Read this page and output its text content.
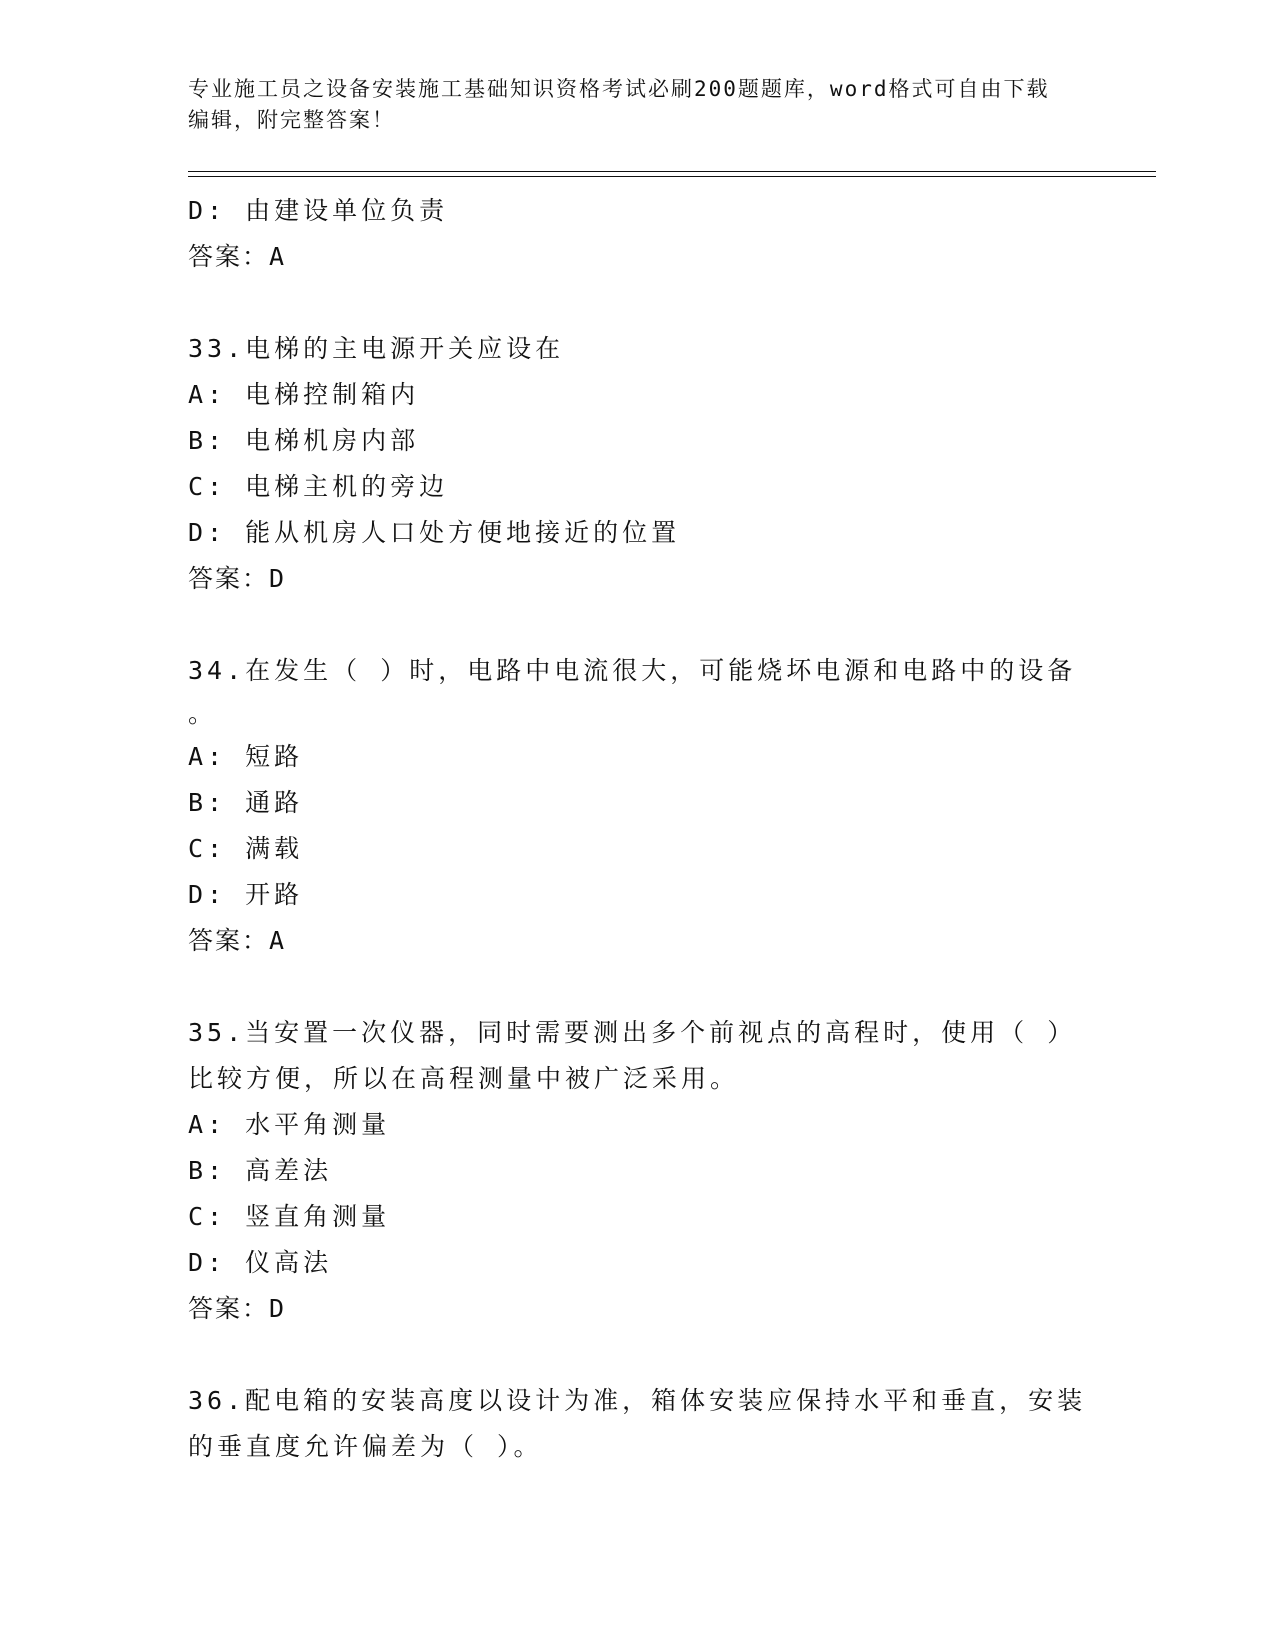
专业施工员之设备安装施工基础知识资格考试必刷200题题库，word格式可自由下载编辑，附完整答案！
D: 由建设单位负责
答案：A
33.电梯的主电源开关应设在
A: 电梯控制箱内
B: 电梯机房内部
C: 电梯主机的旁边
D: 能从机房人口处方便地接近的位置
答案：D
34.在发生（ ）时，电路中电流很大，可能烧坏电源和电路中的设备
。
A: 短路
B: 通路
C: 满载
D: 开路
答案：A
35.当安置一次仪器，同时需要测出多个前视点的高程时，使用（ ）
比较方便，所以在高程测量中被广泛采用。
A: 水平角测量
B: 高差法
C: 竖直角测量
D: 仪高法
答案：D
36.配电箱的安装高度以设计为准，箱体安装应保持水平和垂直，安装
的垂直度允许偏差为（ ）。
